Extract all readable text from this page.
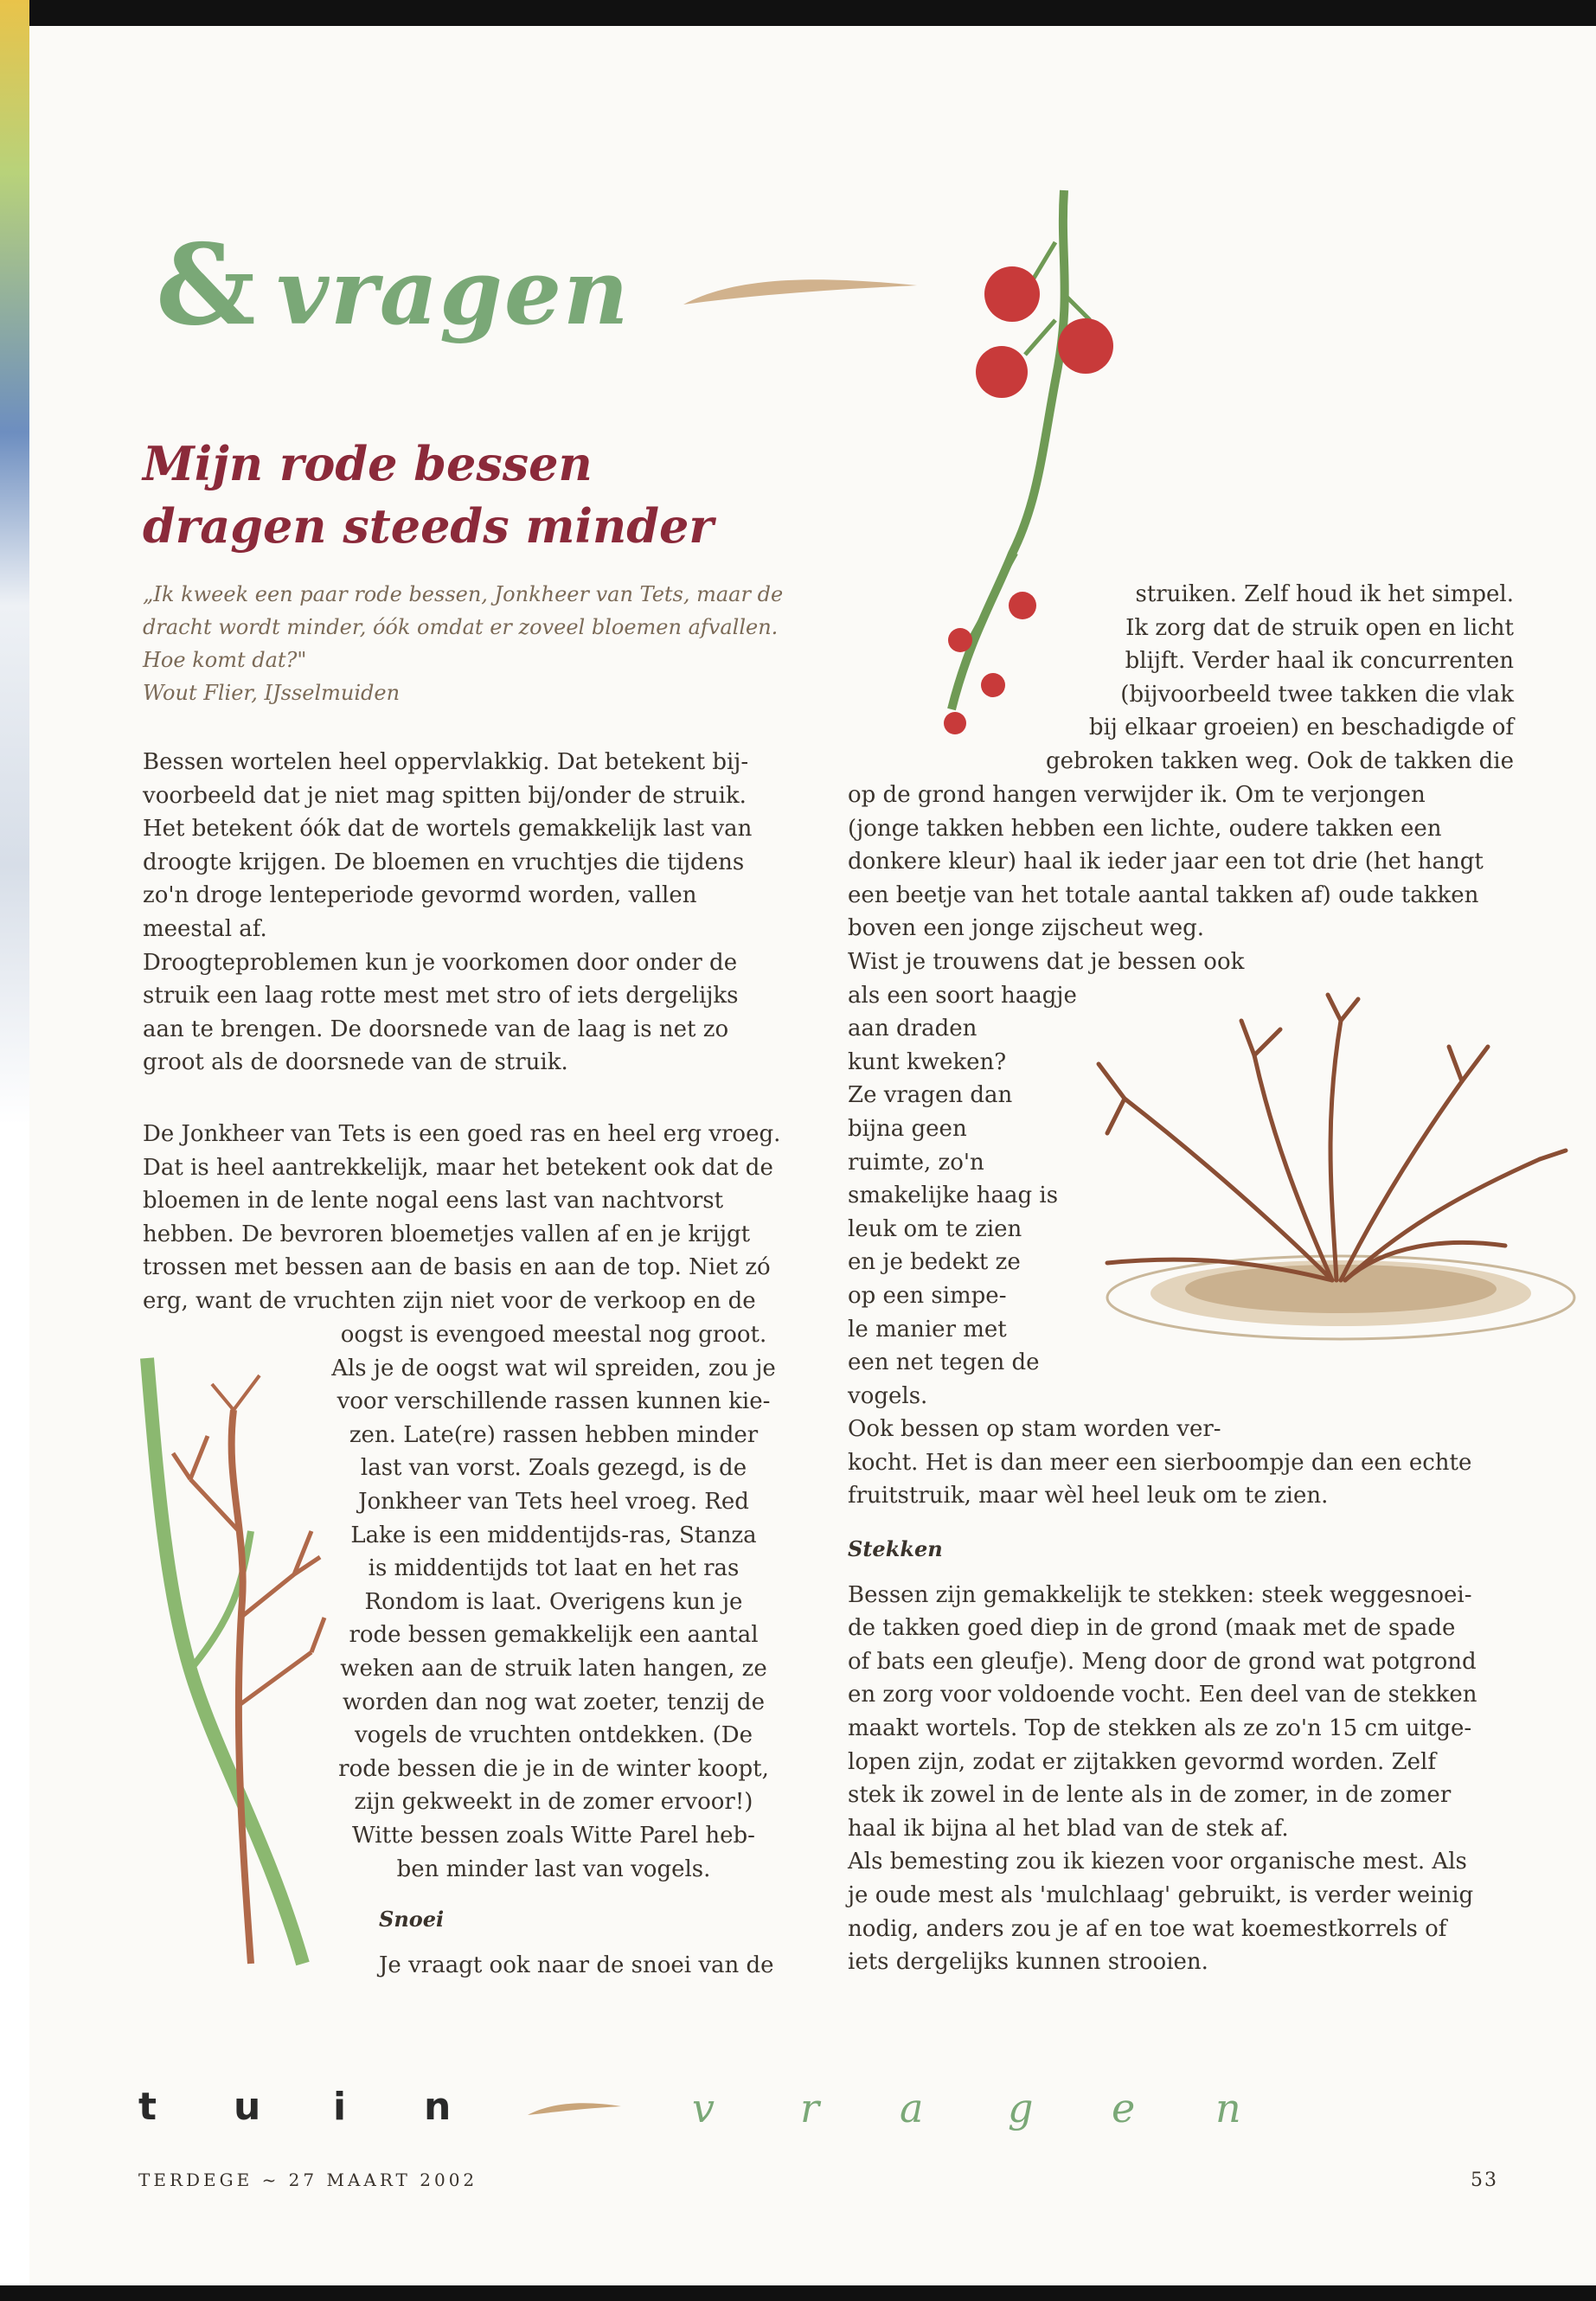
& vragen
Mijn rode bessen dragen steeds minder

„Ik kweek een paar rode bessen, Jonkheer van Tets, maar de dracht wordt minder, óók omdat er zoveel bloemen afvallen. Hoe komt dat?"

Wout Flier, IJsselmuiden

Bessen wortelen heel oppervlakkig. Dat betekent bij-

voorbeeld dat je niet mag spitten bij/onder de struik.

Het betekent óók dat de wortels gemakkelijk last van

droogte krijgen. De bloemen en vruchtjes die tijdens

zo'n droge lenteperiode gevormd worden, vallen

meestal af.

Droogteproblemen kun je voorkomen door onder de

struik een laag rotte mest met stro of iets dergelijks

aan te brengen. De doorsnede van de laag is net zo

groot als de doorsnede van de struik.

De Jonkheer van Tets is een goed ras en heel erg vroeg.

Dat is heel aantrekkelijk, maar het betekent ook dat de

bloemen in de lente nogal eens last van nachtvorst

hebben. De bevroren bloemetjes vallen af en je krijgt

trossen met bessen aan de basis en aan de top. Niet zó

erg, want de vruchten zijn niet voor de verkoop en de

oogst is evengoed meestal nog groot.

Als je de oogst wat wil spreiden, zou je

voor verschillende rassen kunnen kie-

zen. Late(re) rassen hebben minder

last van vorst. Zoals gezegd, is de

Jonkheer van Tets heel vroeg. Red

Lake is een middentijds-ras, Stanza

is middentijds tot laat en het ras

Rondom is laat. Overigens kun je

rode bessen gemakkelijk een aantal

weken aan de struik laten hangen, ze

worden dan nog wat zoeter, tenzij de

vogels de vruchten ontdekken. (De

rode bessen die je in de winter koopt,

zijn gekweekt in de zomer ervoor!)

Witte bessen zoals Witte Parel heb-

ben minder last van vogels.

Snoei

Je vraagt ook naar de snoei van de

struiken. Zelf houd ik het simpel.

Ik zorg dat de struik open en licht

blijft. Verder haal ik concurrenten

(bijvoorbeeld twee takken die vlak

bij elkaar groeien) en beschadigde of

gebroken takken weg. Ook de takken die

op de grond hangen verwijder ik. Om te verjongen

(jonge takken hebben een lichte, oudere takken een

donkere kleur) haal ik ieder jaar een tot drie (het hangt

een beetje van het totale aantal takken af) oude takken

boven een jonge zijscheut weg.

Wist je trouwens dat je bessen ook

als een soort haagje

aan draden

kunt kweken?

Ze vragen dan

bijna geen

ruimte, zo'n

smakelijke haag is

leuk om te zien

en je bedekt ze

op een simpe-

le manier met

een net tegen de

vogels.

Ook bessen op stam worden ver-

kocht. Het is dan meer een sierboompje dan een echte

fruitstruik, maar wèl heel leuk om te zien.

Stekken

Bessen zijn gemakkelijk te stekken: steek weggesnoei-

de takken goed diep in de grond (maak met de spade

of bats een gleufje). Meng door de grond wat potgrond

en zorg voor voldoende vocht. Een deel van de stekken

maakt wortels. Top de stekken als ze zo'n 15 cm uitge-

lopen zijn, zodat er zijtakken gevormd worden. Zelf

stek ik zowel in de lente als in de zomer, in de zomer

haal ik bijna al het blad van de stek af.

Als bemesting zou ik kiezen voor organische mest. Als

je oude mest als 'mulchlaag' gebruikt, is verder weinig

nodig, anders zou je af en toe wat koemestkorrels of

iets dergelijks kunnen strooien.

t u i n	v r a g e n
TERDEGE ~ 27 MAART 2002	53
